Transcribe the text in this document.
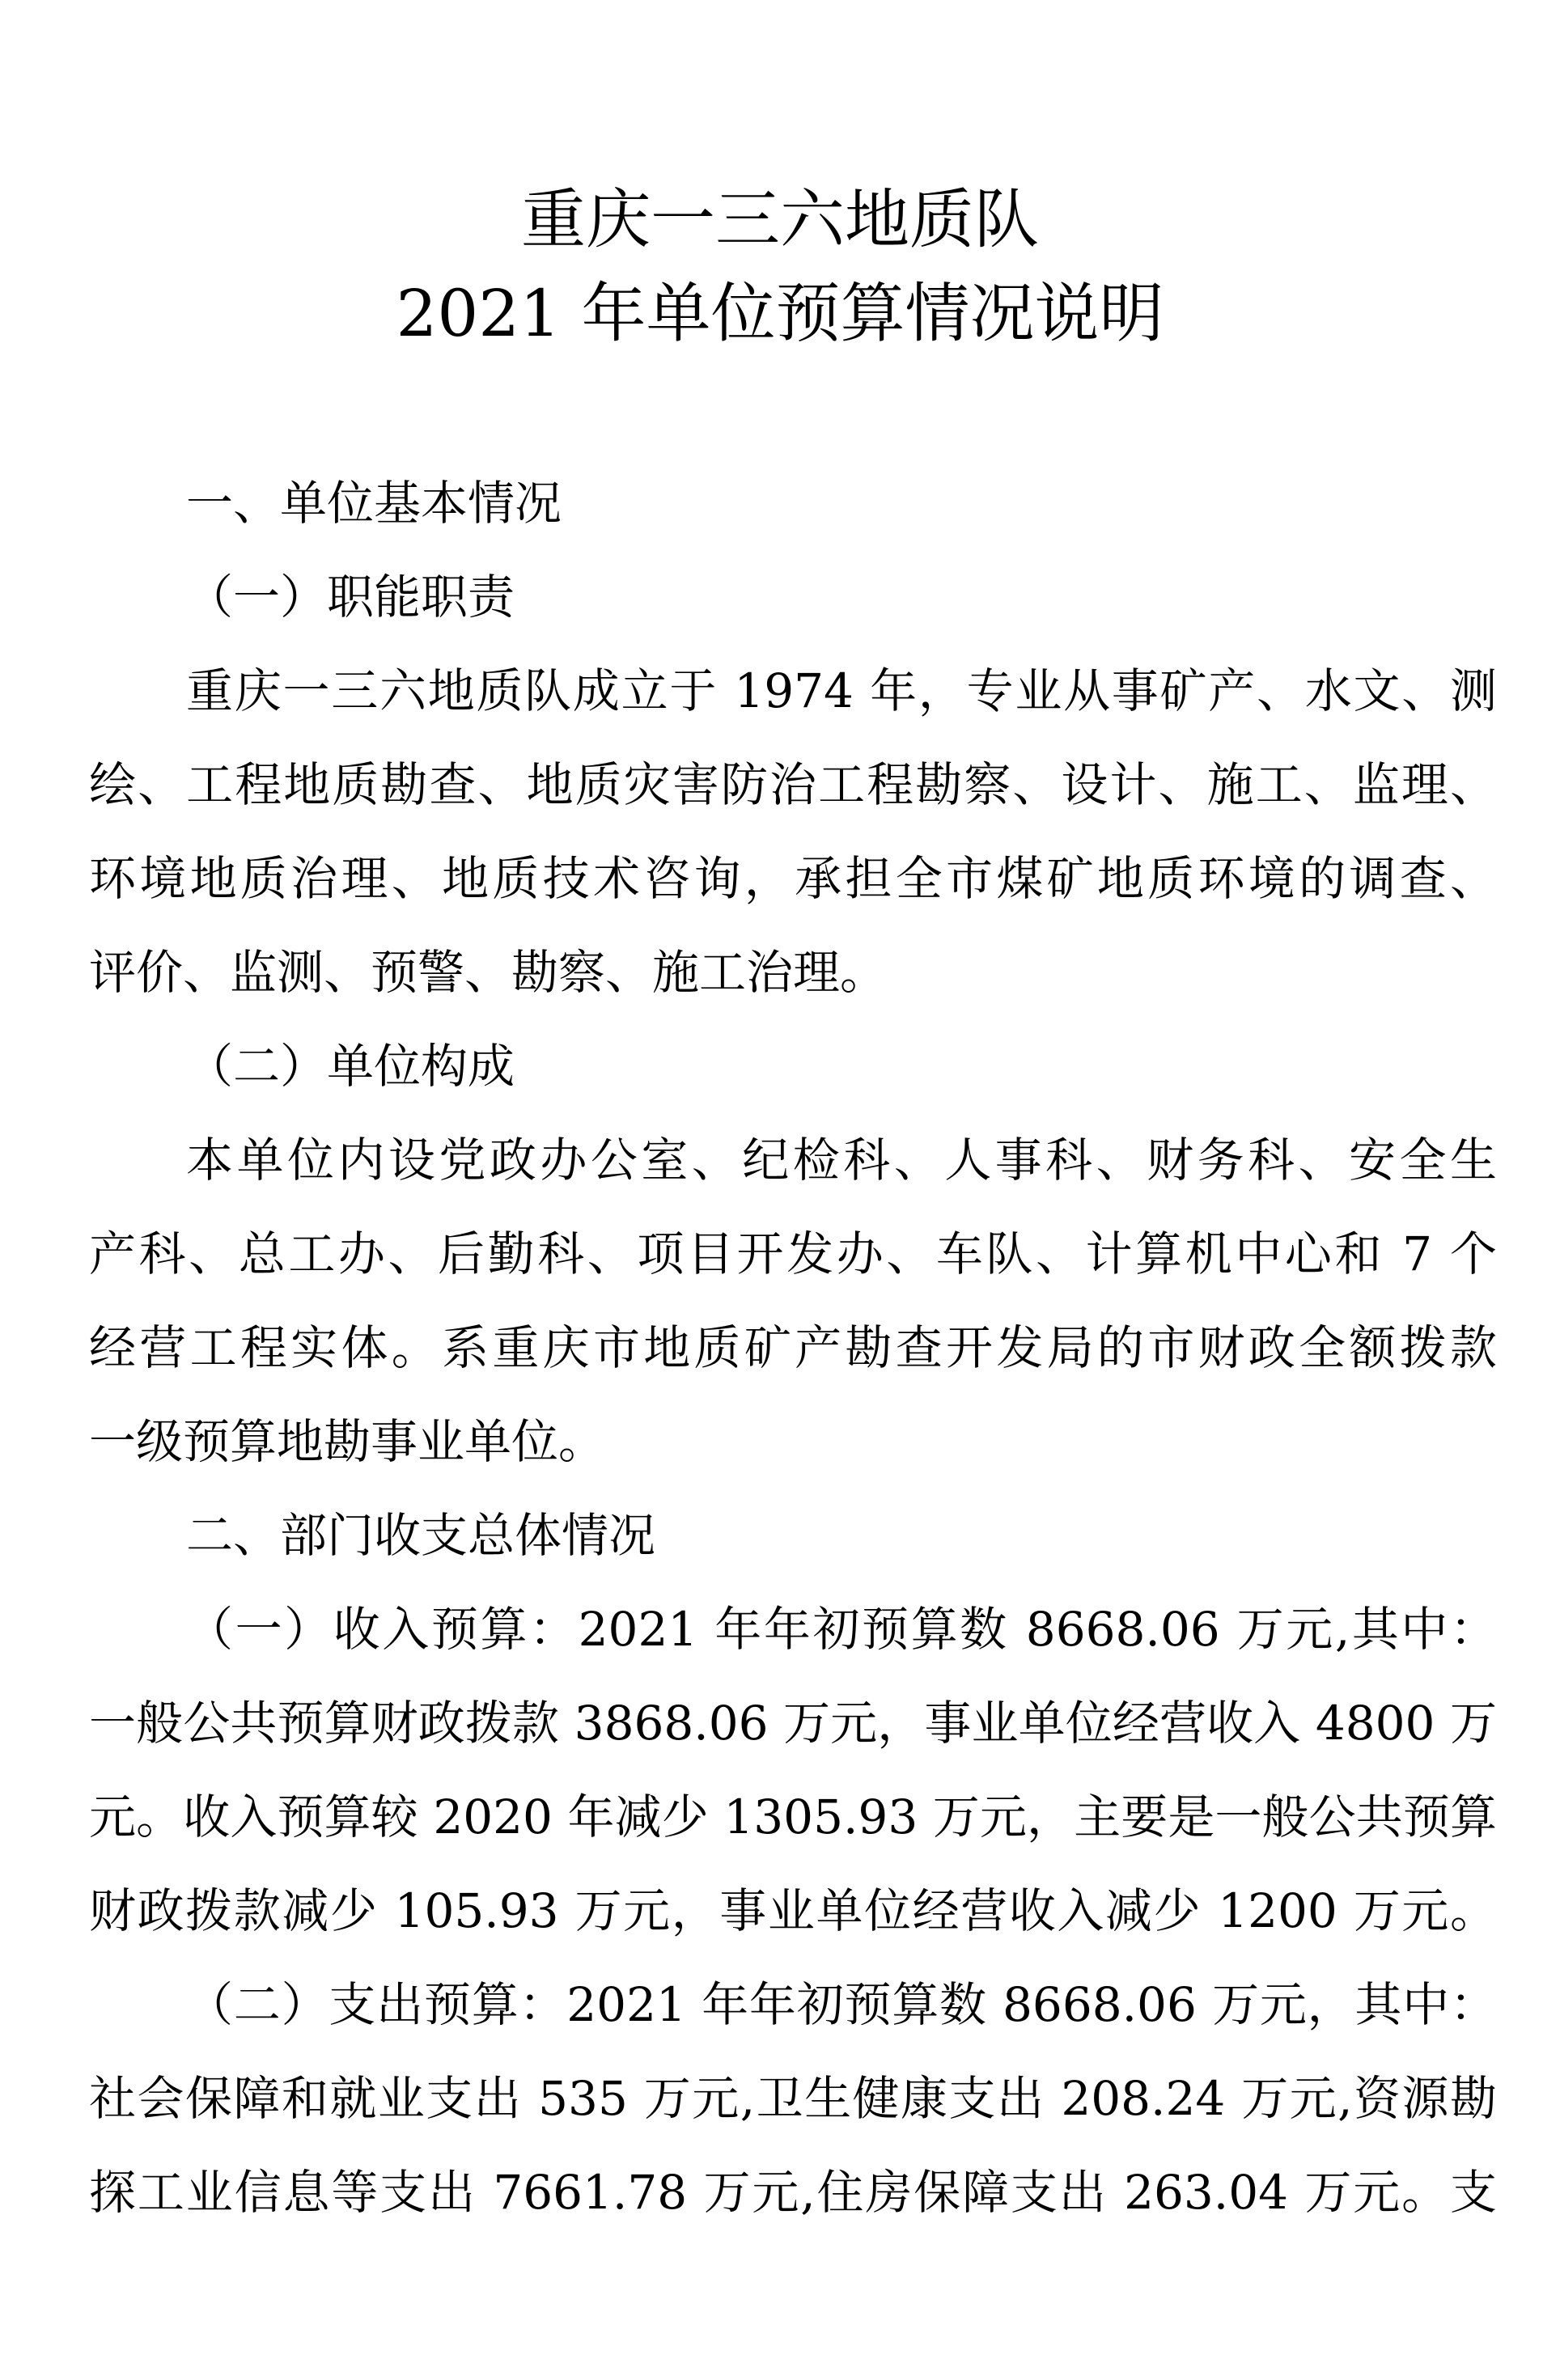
重庆一三六地质队
2021 年单位预算情况说明
一、单位基本情况
（一）职能职责
重庆一三六地质队成立于 1974 年，专业从事矿产、水文、测
绘、工程地质勘查、地质灾害防治工程勘察、设计、施工、监理、
环境地质治理、地质技术咨询，承担全市煤矿地质环境的调查、
评价、监测、预警、勘察、施工治理。
（二）单位构成
本单位内设党政办公室、纪检科、人事科、财务科、安全生
产科、总工办、后勤科、项目开发办、车队、计算机中心和 7 个
经营工程实体。系重庆市地质矿产勘查开发局的市财政全额拨款
一级预算地勘事业单位。
二、部门收支总体情况
（一）收入预算：2021 年年初预算数 8668.06 万元,其中：
一般公共预算财政拨款 3868.06 万元，事业单位经营收入 4800 万
元。收入预算较 2020 年减少 1305.93 万元，主要是一般公共预算
财政拨款减少 105.93 万元，事业单位经营收入减少 1200 万元。
（二）支出预算：2021 年年初预算数 8668.06 万元，其中：
社会保障和就业支出 535 万元,卫生健康支出 208.24 万元,资源勘
探工业信息等支出 7661.78 万元,住房保障支出 263.04 万元。支
